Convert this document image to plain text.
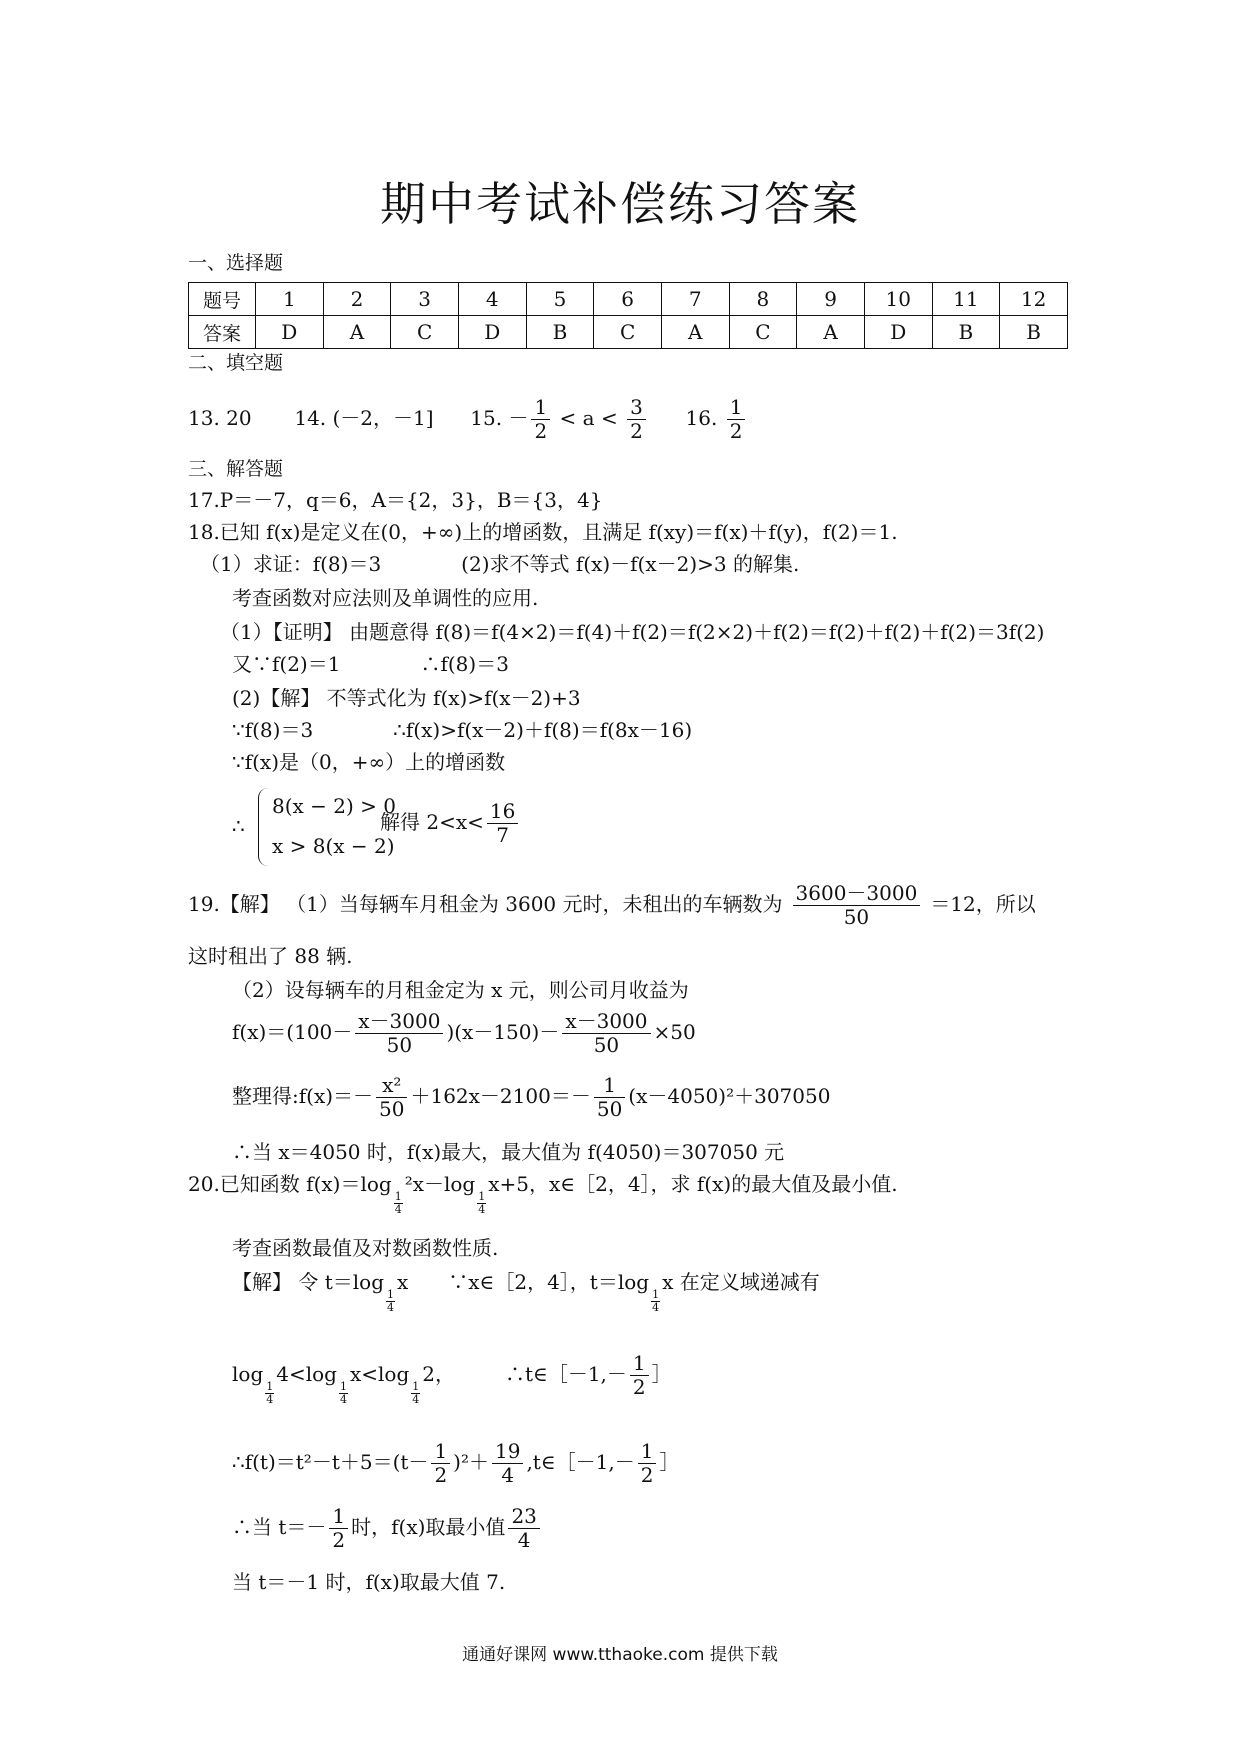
期中考试补偿练习答案
一、选择题
题号	1	2	3	4	5	6	7	8	9	10	11	12
答案	D	A	C	D	B	C	A	C	A	D	B	B
二、填空题
13. 20 14. (－2，－1] 15. － $\frac{1}{2} < a < \frac{3}{2} 16$. $\frac{1}{2}$
三、解答题
17.P＝－7，q＝6，A＝{2，3}，B＝{3，4}
18.已知 f(x)是定义在(0，+∞)上的增函数，且满足 f(xy)＝f(x)＋f(y)，f(2)＝1.
（1）求证：f(8)＝3　　　　(2)求不等式 f(x)－f(x－2)>3 的解集.
考查函数对应法则及单调性的应用.
（1）【证明】 由题意得 f(8)＝f(4×2)＝f(4)＋f(2)＝f(2×2)＋f(2)＝f(2)＋f(2)＋f(2)＝3f(2)
又∵f(2)＝1　　　　∴f(8)＝3
(2)【解】 不等式化为 f(x)>f(x－2)+3
∵f(8)＝3　　　　∴f(x)>f(x－2)＋f(8)＝f(8x－16)
∵f(x)是（0，+∞）上的增函数
∴
8(x − 2) > 0
x > 8(x − 2)
解得 $2<x< \frac{16}{7}$
19.【解】 （1）当每辆车月租金为 3600 元时，未租出的车辆数为 $\frac{3600-3000}{50} =12$，所以
这时租出了 88 辆.
（2）设每辆车的月租金定为 x 元，则公司月收益为
$f(x)=(100- \frac{x-3000}{50} )(x-150)- \frac{x-3000}{50} \times 50$
整理得:f(x)＝－ $\frac{\text{x²}}{50} +162x-2100=- \frac{1}{50} (x-4050)^2+307050$
∴当 x＝4050 时，f(x)最大，最大值为 f(4050)＝307050 元
20.已知函数 f(x)＝log
$\frac{1}{4}$
²x－log
$\frac{1}{4}$
x+5，x∈［2，4］，求 f(x)的最大值及最小值.
考查函数最值及对数函数性质.
【解】 令 t＝log
$\frac{1}{4}$
x　　∵x∈［2，4］，t＝log
$\frac{1}{4}$
x 在定义域递减有
log
$\frac{1}{4}$
4<log
$\frac{1}{4}$
x<log
$\frac{1}{4}$
2，　　　∴t∈［－1,－ $\frac{1}{2}$ ］
∴f(t)＝t²－t＋5＝(t－ $\frac{1}{2} )^2+ \frac{19}{4}$ ,t∈［－1,－ $\frac{1}{2}$ ］
∴当 $t=- \frac{1}{2}$ 时，f(x)取最小值 $\frac{23}{4}$
当 t＝－1 时，f(x)取最大值 7.
通通好课网 www.tthaoke.com 提供下载
